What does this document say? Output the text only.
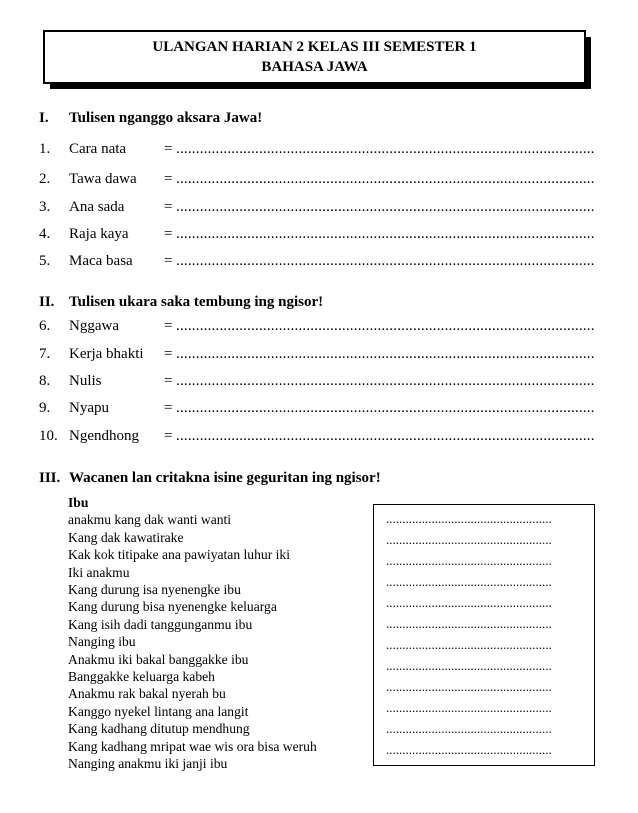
ULANGAN HARIAN 2 KELAS III SEMESTER 1
BAHASA JAWA
I. Tulisen nganggo aksara Jawa!
1. Cara nata	= ..........................................................................................................
2. Tawa dawa = ..........................................................................................................
3. Ana sada	= ..........................................................................................................
4. Raja kaya = ..........................................................................................................
5. Maca basa = ..........................................................................................................
II. Tulisen ukara saka tembung ing ngisor!
6. Nggawa	= ..........................................................................................................
7. Kerja bhakti = ..........................................................................................................
8. Nulis	= ..........................................................................................................
9. Nyapu	= ..........................................................................................................
10. Ngendhong = ..........................................................................................................
III. Wacanen lan critakna isine geguritan ing ngisor!
Ibu
anakmu kang dak wanti wanti
Kang dak kawatirake
Kak kok titipake ana pawiyatan luhur iki
Iki anakmu
Kang durung isa nyenengke ibu
Kang durung bisa nyenengke keluarga
Kang isih dadi tanggunganmu ibu
Nanging ibu
Anakmu iki bakal banggakke ibu
Banggakke keluarga kabeh
Anakmu rak bakal nyerah bu
Kanggo nyekel lintang ana langit
Kang kadhang ditutup mendhung
Kang kadhang mripat wae wis ora bisa weruh
Nanging anakmu iki janji ibu
...................................................
...................................................
...................................................
...................................................
...................................................
...................................................
...................................................
...................................................
...................................................
...................................................
...................................................
...................................................
